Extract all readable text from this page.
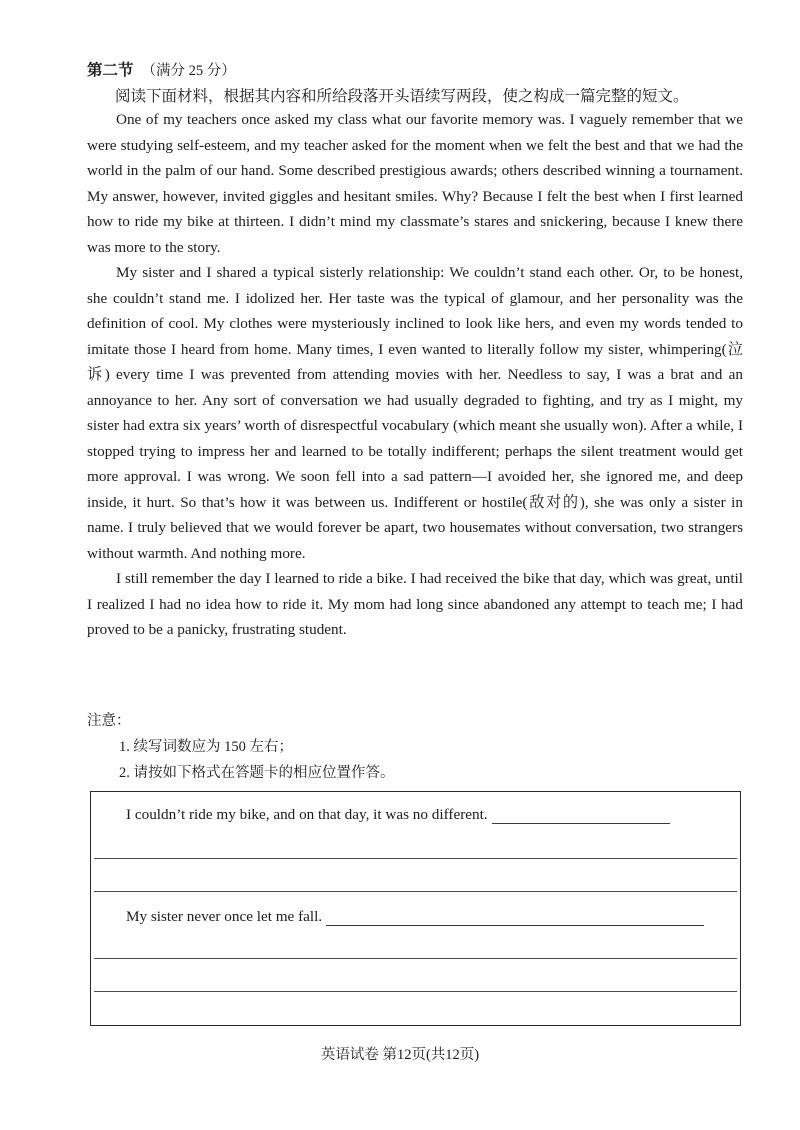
第二节 （满分 25 分）
阅读下面材料，根据其内容和所给段落开头语续写两段，使之构成一篇完整的短文。

One of my teachers once asked my class what our favorite memory was. I vaguely remember that we were studying self-esteem, and my teacher asked for the moment when we felt the best and that we had the world in the palm of our hand. Some described prestigious awards; others described winning a tournament. My answer, however, invited giggles and hesitant smiles. Why? Because I felt the best when I first learned how to ride my bike at thirteen. I didn’t mind my classmate’s stares and snickering, because I knew there was more to the story.

My sister and I shared a typical sisterly relationship: We couldn’t stand each other. Or, to be honest, she couldn’t stand me. I idolized her. Her taste was the typical of glamour, and her personality was the definition of cool. My clothes were mysteriously inclined to look like hers, and even my words tended to imitate those I heard from home. Many times, I even wanted to literally follow my sister, whimpering(泣诉) every time I was prevented from attending movies with her. Needless to say, I was a brat and an annoyance to her. Any sort of conversation we had usually degraded to fighting, and try as I might, my sister had extra six years’ worth of disrespectful vocabulary (which meant she usually won). After a while, I stopped trying to impress her and learned to be totally indifferent; perhaps the silent treatment would get more approval. I was wrong. We soon fell into a sad pattern—I avoided her, she ignored me, and deep inside, it hurt. So that’s how it was between us. Indifferent or hostile(敌对的), she was only a sister in name. I truly believed that we would forever be apart, two housemates without conversation, two strangers without warmth. And nothing more.

I still remember the day I learned to ride a bike. I had received the bike that day, which was great, until I realized I had no idea how to ride it. My mom had long since abandoned any attempt to teach me; I had proved to be a panicky, frustrating student.

注意：

1. 续写词数应为 150 左右；

2. 请按如下格式在答题卡的相应位置作答。

I couldn’t ride my bike, and on that day, it was no different.
My sister never once let me fall.
英语试卷 第12页(共12页)
